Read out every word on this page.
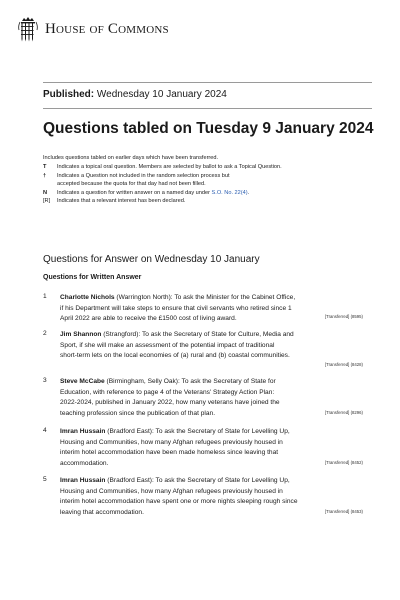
House of Commons
Published: Wednesday 10 January 2024
Questions tabled on Tuesday 9 January 2024
Includes questions tabled on earlier days which have been transferred.
T	Indicates a topical oral question. Members are selected by ballot to ask a Topical Question.
†	Indicates a Question not included in the random selection process but
accepted because the quota for that day had not been filled.
N	Indicates a question for written answer on a named day under S.O. No. 22(4).
[R]	Indicates that a relevant interest has been declared.
Questions for Answer on Wednesday 10 January
Questions for Written Answer
1 Charlotte Nichols (Warrington North): To ask the Minister for the Cabinet Office,
if his Department will take steps to ensure that civil servants who retired since 1
April 2022 are able to receive the £1500 cost of living award.	[Transferred] (8595)
2 Jim Shannon (Strangford): To ask the Secretary of State for Culture, Media and
Sport, if she will make an assessment of the potential impact of traditional
short-term lets on the local economies of (a) rural and (b) coastal communities.
[Transferred] (8428)
3 Steve McCabe (Birmingham, Selly Oak): To ask the Secretary of State for
Education, with reference to page 4 of the Veterans' Strategy Action Plan:
2022-2024, published in January 2022, how many veterans have joined the
teaching profession since the publication of that plan.	[Transferred] (8296)
4 Imran Hussain (Bradford East): To ask the Secretary of State for Levelling Up,
Housing and Communities, how many Afghan refugees previously housed in
interim hotel accommodation have been made homeless since leaving that
accommodation.	[Transferred] (8452)
5 Imran Hussain (Bradford East): To ask the Secretary of State for Levelling Up,
Housing and Communities, how many Afghan refugees previously housed in
interim hotel accommodation have spent one or more nights sleeping rough since
leaving that accommodation.	[Transferred] (8453)
